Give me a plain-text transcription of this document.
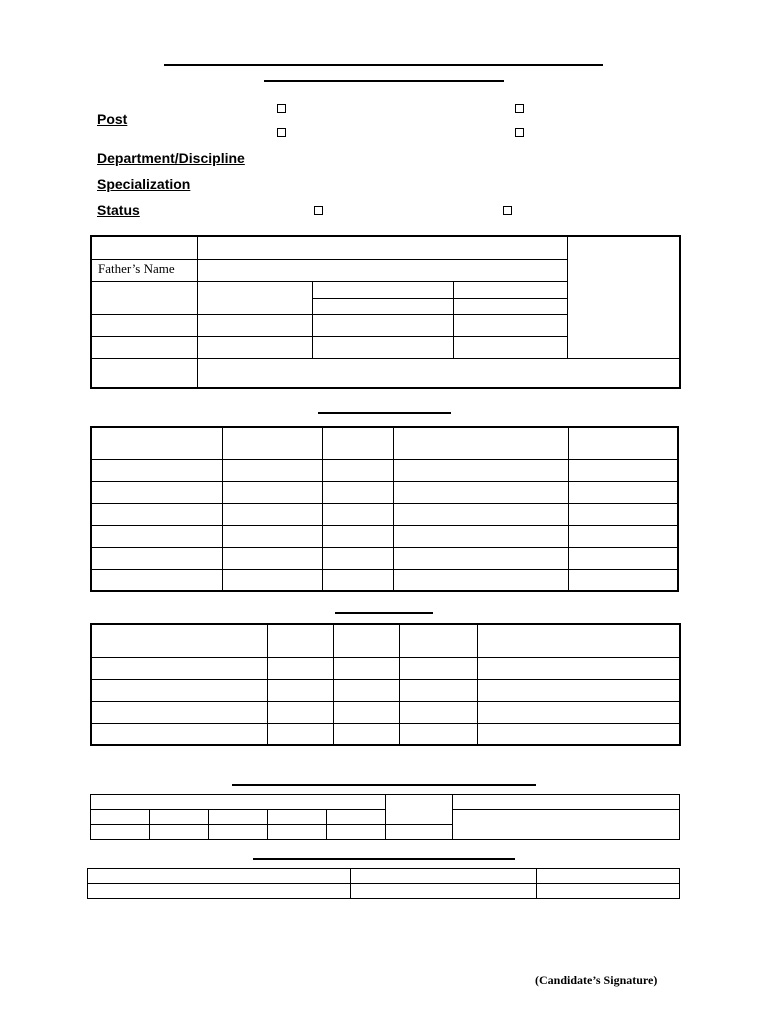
Post
Department/Discipline
Specialization
Status

Father’s Name				

(Candidate’s Signature)
